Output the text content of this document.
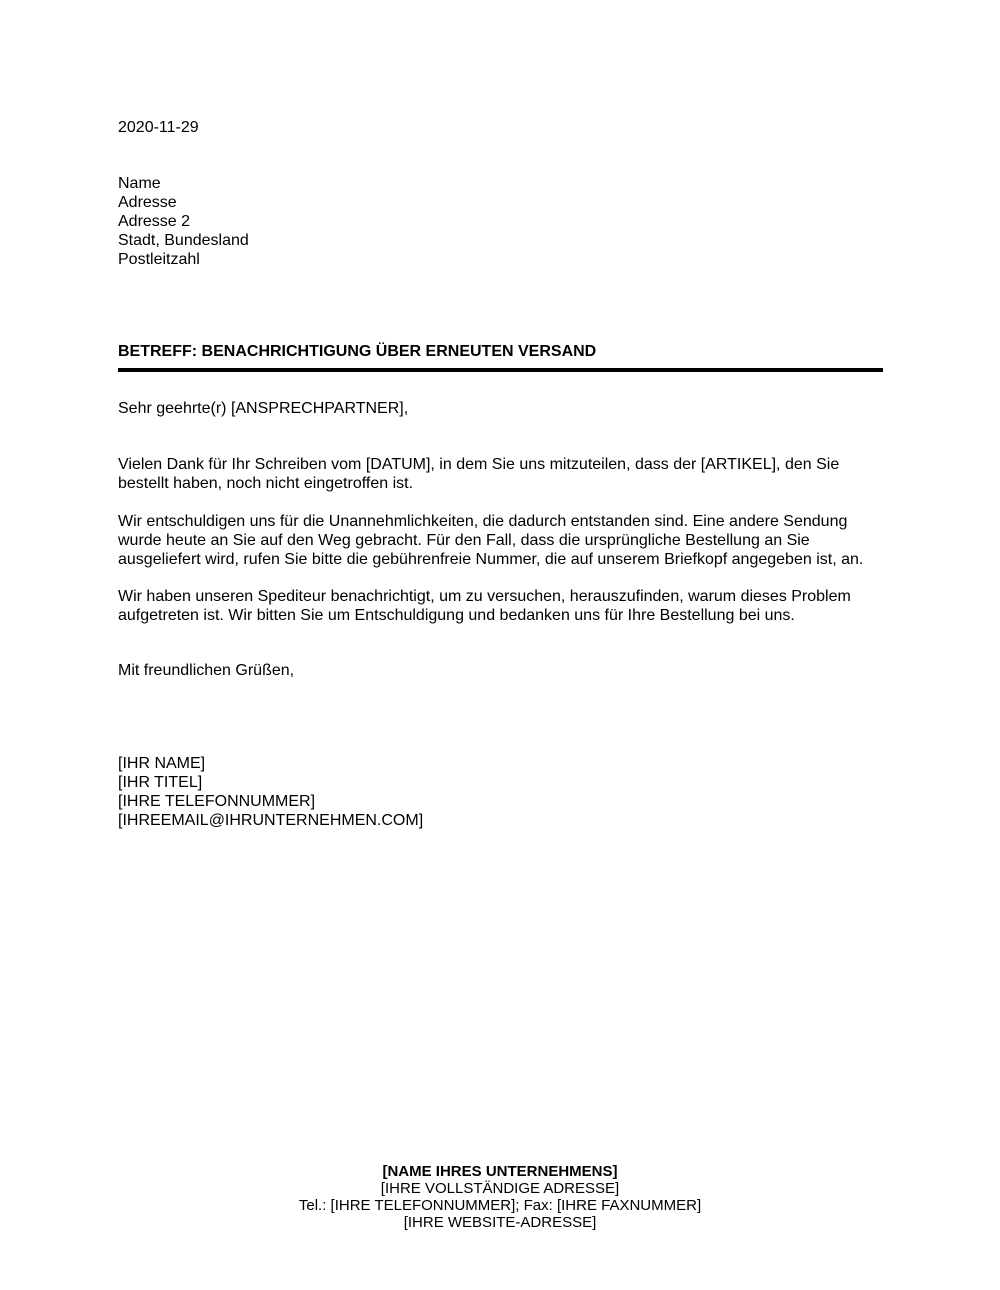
2020-11-29
Name
Adresse
Adresse 2
Stadt, Bundesland
Postleitzahl
BETREFF: BENACHRICHTIGUNG ÜBER ERNEUTEN VERSAND
Sehr geehrte(r) [ANSPRECHPARTNER],

Vielen Dank für Ihr Schreiben vom [DATUM], in dem Sie uns mitzuteilen, dass der [ARTIKEL], den Sie bestellt haben, noch nicht eingetroffen ist.

Wir entschuldigen uns für die Unannehmlichkeiten, die dadurch entstanden sind. Eine andere Sendung wurde heute an Sie auf den Weg gebracht. Für den Fall, dass die ursprüngliche Bestellung an Sie ausgeliefert wird, rufen Sie bitte die gebührenfreie Nummer, die auf unserem Briefkopf angegeben ist, an.

Wir haben unseren Spediteur benachrichtigt, um zu versuchen, herauszufinden, warum dieses Problem aufgetreten ist. Wir bitten Sie um Entschuldigung und bedanken uns für Ihre Bestellung bei uns.

Mit freundlichen Grüßen,
[IHR NAME]
[IHR TITEL]
[IHRE TELEFONNUMMER]
[IHREEMAIL@IHRUNTERNEHMEN.COM]
[NAME IHRES UNTERNEHMENS]
[IHRE VOLLSTÄNDIGE ADRESSE]
Tel.: [IHRE TELEFONNUMMER]; Fax: [IHRE FAXNUMMER]
[IHRE WEBSITE-ADRESSE]
